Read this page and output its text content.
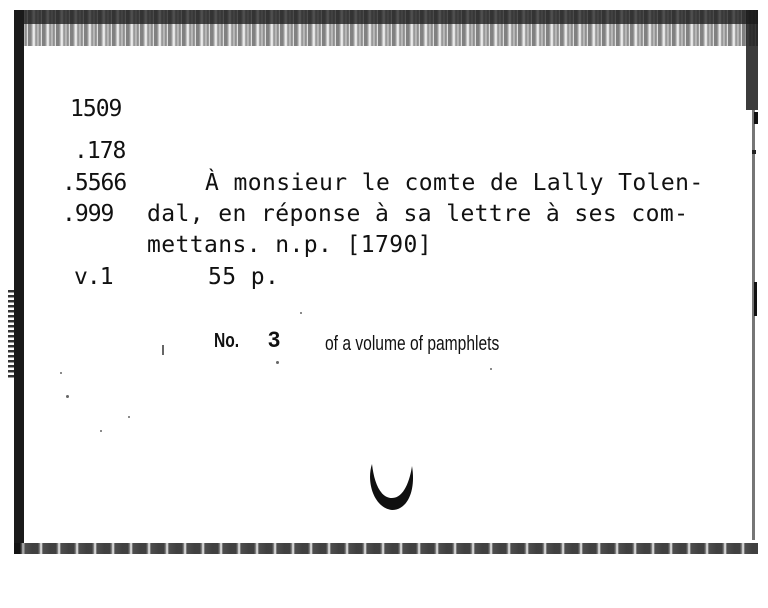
1509
.178
.5566
.999
v.1
À monsieur le comte de Lally Tolen-
dal, en réponse à sa lettre à ses com-
mettans. n.p. [1790]
55 p.
No. 3 of a volume of pamphlets
